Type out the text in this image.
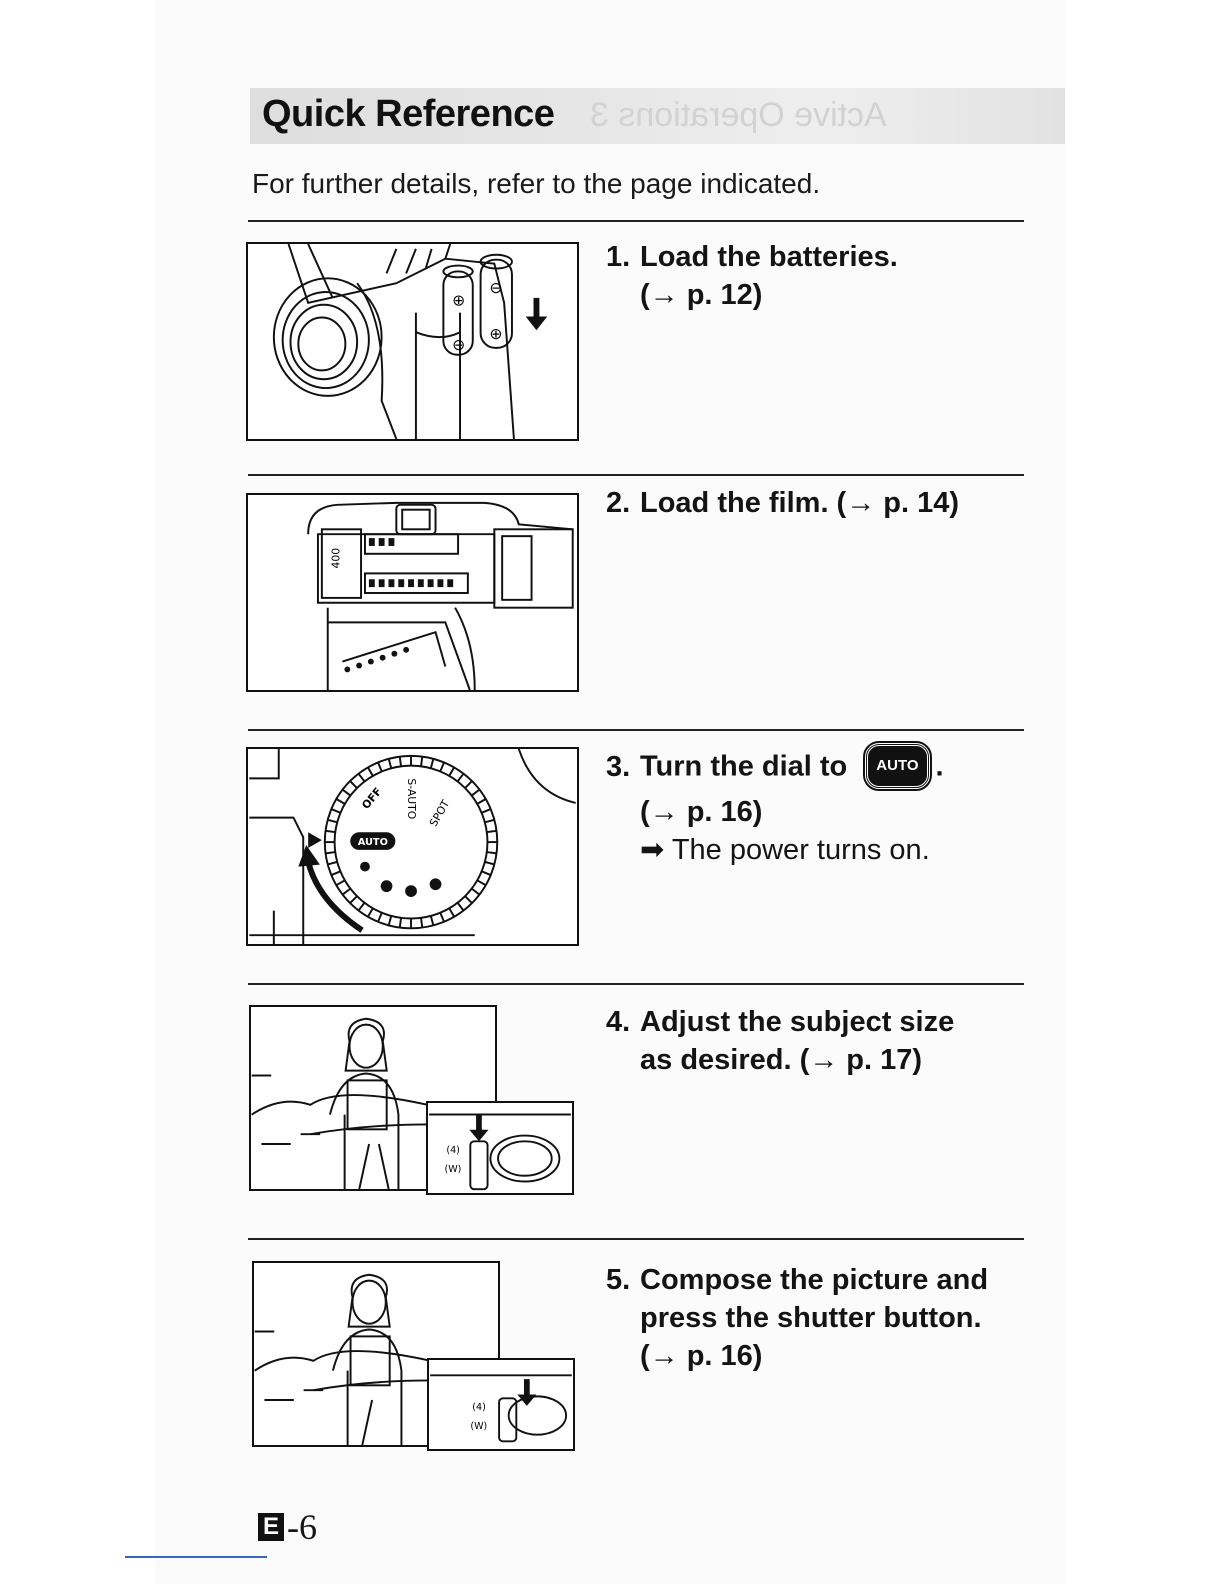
Active Operations 3
Quick Reference
For further details, refer to the page indicated.
⊕
⊖
⊖
⊕
400
AUTO
OFF S-AUTO SPOT
(4)
(W)
(4)
(W)
1. Load the batteries.
(→ p. 12)
2. Load the film. (→ p. 14)
3. Turn the dial to AUTO .
(→ p. 16)
➡ The power turns on.
4. Adjust the subject size
as desired. (→ p. 17)
5. Compose the picture and
press the shutter button.
(→ p. 16)
E -6
